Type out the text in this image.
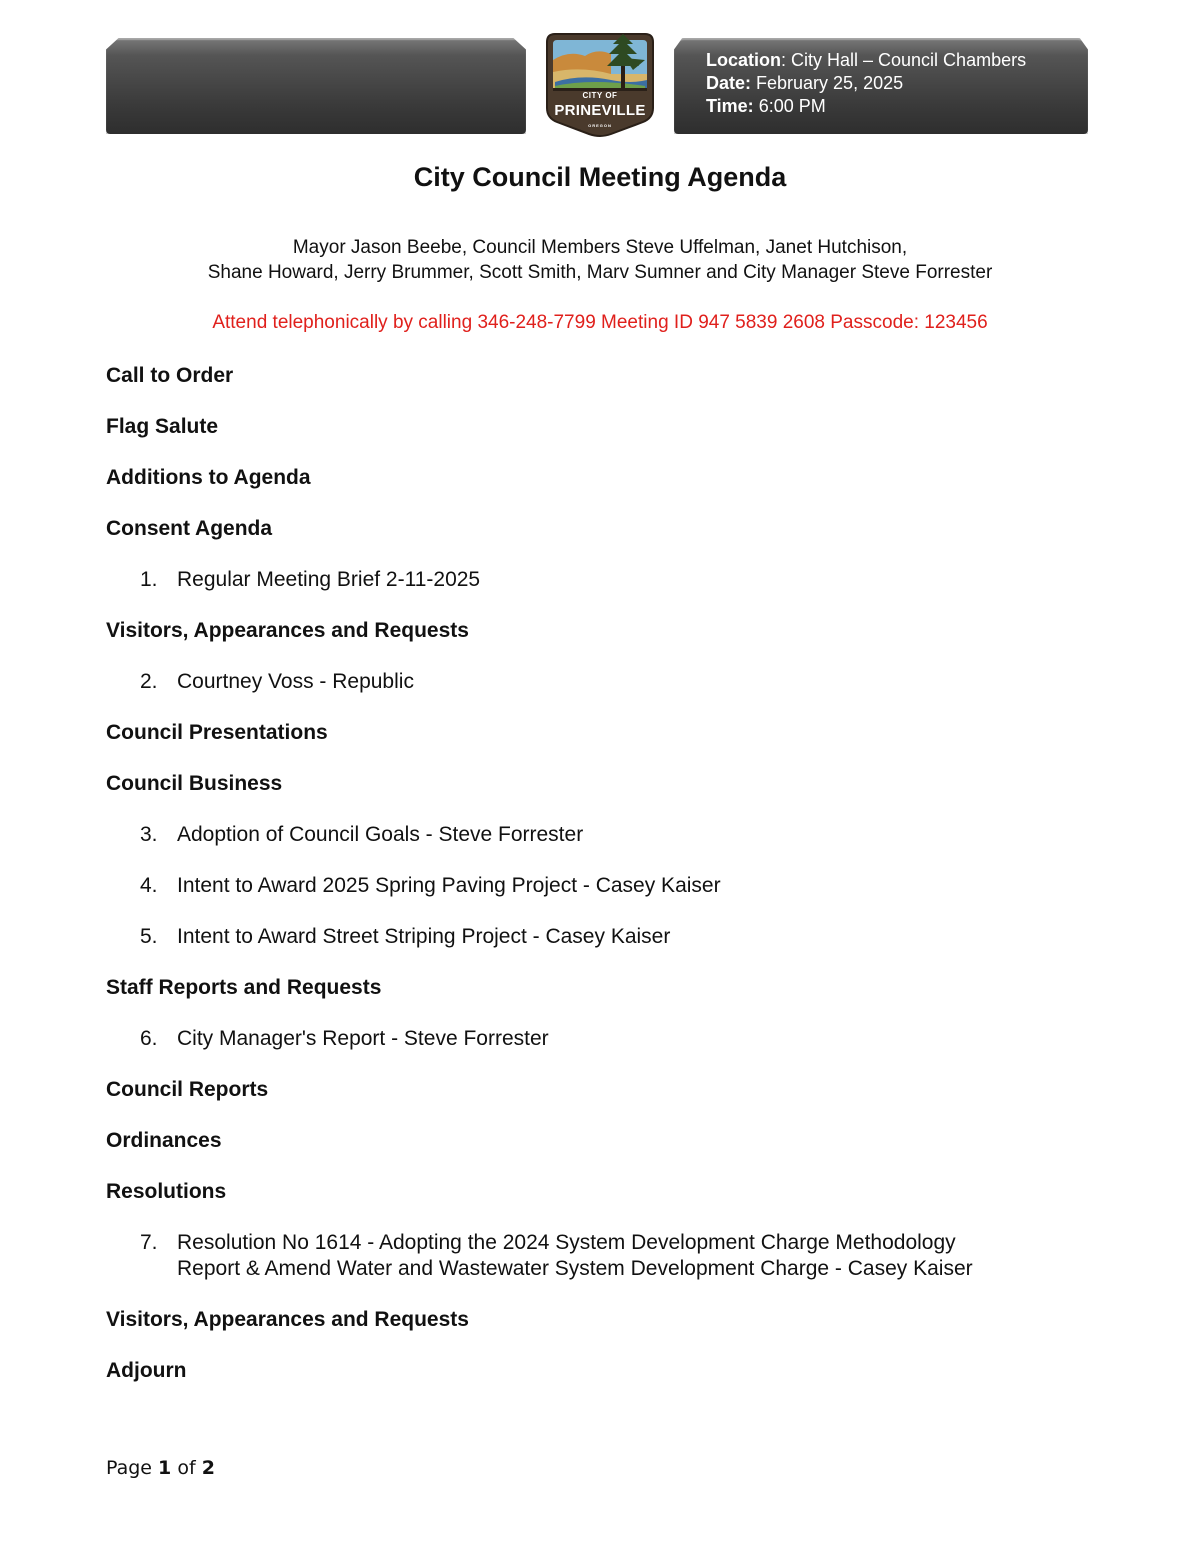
Location: City Hall – Council Chambers
Date: February 25, 2025
Time: 6:00 PM
CITY OF
PRINEVILLE
OREGON
City Council Meeting Agenda
Mayor Jason Beebe, Council Members Steve Uffelman, Janet Hutchison,
Shane Howard, Jerry Brummer, Scott Smith, Marv Sumner and City Manager Steve Forrester
Attend telephonically by calling 346-248-7799 Meeting ID 947 5839 2608 Passcode: 123456
Call to Order
Flag Salute
Additions to Agenda
Consent Agenda
1. Regular Meeting Brief 2-11-2025
Visitors, Appearances and Requests
2. Courtney Voss - Republic
Council Presentations
Council Business
3. Adoption of Council Goals - Steve Forrester
4. Intent to Award 2025 Spring Paving Project - Casey Kaiser
5. Intent to Award Street Striping Project - Casey Kaiser
Staff Reports and Requests
6. City Manager's Report - Steve Forrester
Council Reports
Ordinances
Resolutions
7. Resolution No 1614 - Adopting the 2024 System Development Charge Methodology
Report & Amend Water and Wastewater System Development Charge - Casey Kaiser
Visitors, Appearances and Requests
Adjourn
Page 1 of 2
